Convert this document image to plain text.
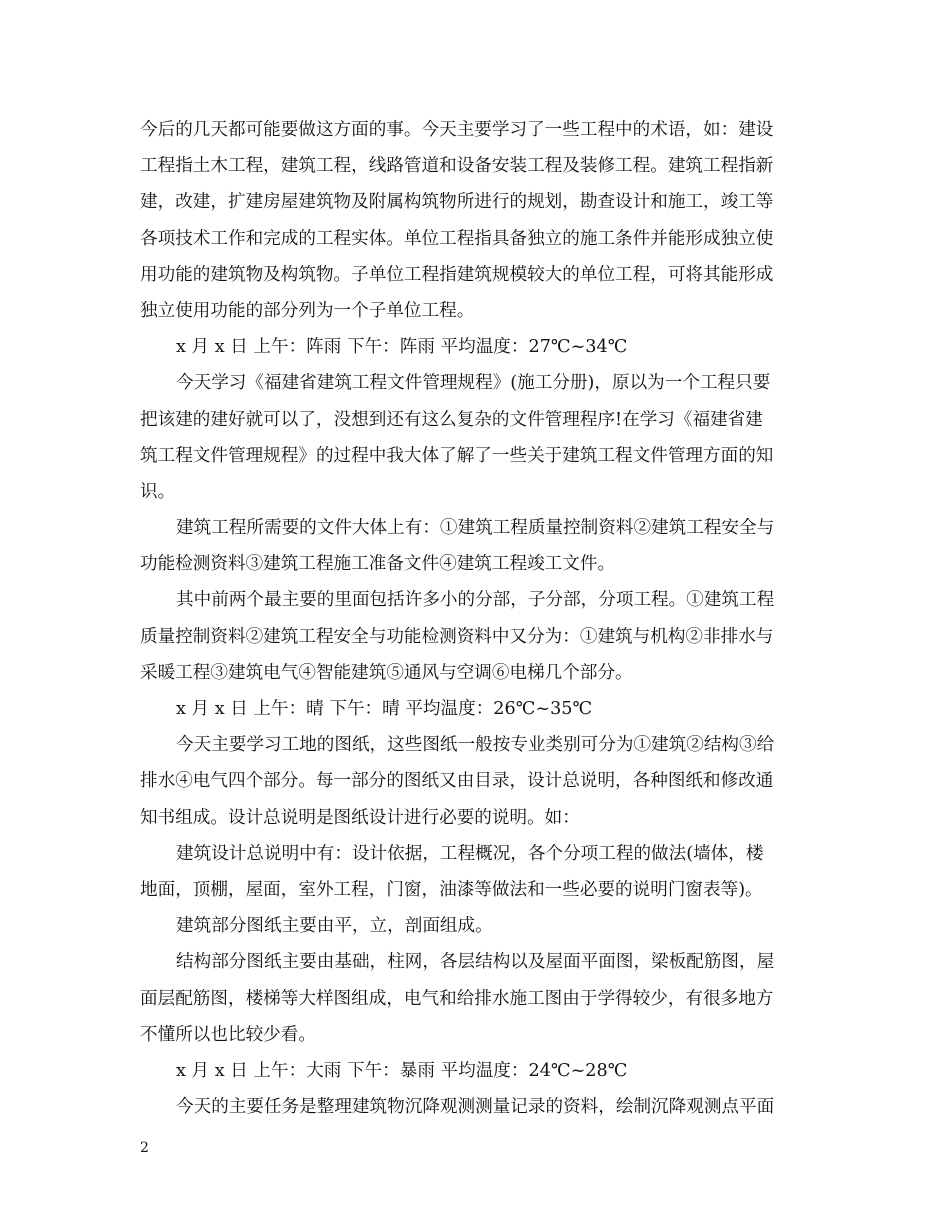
今后的几天都可能要做这方面的事。今天主要学习了一些工程中的术语，如：建设
工程指土木工程，建筑工程，线路管道和设备安装工程及装修工程。建筑工程指新
建，改建，扩建房屋建筑物及附属构筑物所进行的规划，勘查设计和施工，竣工等
各项技术工作和完成的工程实体。单位工程指具备独立的施工条件并能形成独立使
用功能的建筑物及构筑物。子单位工程指建筑规模较大的单位工程，可将其能形成
独立使用功能的部分列为一个子单位工程。
x 月 x 日 上午：阵雨 下午：阵雨 平均温度：27℃~34℃
今天学习《福建省建筑工程文件管理规程》(施工分册)，原以为一个工程只要
把该建的建好就可以了，没想到还有这么复杂的文件管理程序!在学习《福建省建
筑工程文件管理规程》的过程中我大体了解了一些关于建筑工程文件管理方面的知
识。
建筑工程所需要的文件大体上有：①建筑工程质量控制资料②建筑工程安全与
功能检测资料③建筑工程施工准备文件④建筑工程竣工文件。
其中前两个最主要的里面包括许多小的分部，子分部，分项工程。①建筑工程
质量控制资料②建筑工程安全与功能检测资料中又分为：①建筑与机构②非排水与
采暖工程③建筑电气④智能建筑⑤通风与空调⑥电梯几个部分。
x 月 x 日 上午：晴 下午：晴 平均温度：26℃~35℃
今天主要学习工地的图纸，这些图纸一般按专业类别可分为①建筑②结构③给
排水④电气四个部分。每一部分的图纸又由目录，设计总说明，各种图纸和修改通
知书组成。设计总说明是图纸设计进行必要的说明。如：
建筑设计总说明中有：设计依据，工程概况，各个分项工程的做法(墙体，楼
地面，顶棚，屋面，室外工程，门窗，油漆等做法和一些必要的说明门窗表等)。
建筑部分图纸主要由平，立，剖面组成。
结构部分图纸主要由基础，柱网，各层结构以及屋面平面图，梁板配筋图，屋
面层配筋图，楼梯等大样图组成，电气和给排水施工图由于学得较少，有很多地方
不懂所以也比较少看。
x 月 x 日 上午：大雨 下午：暴雨 平均温度：24℃~28℃
今天的主要任务是整理建筑物沉降观测测量记录的资料，绘制沉降观测点平面
2
